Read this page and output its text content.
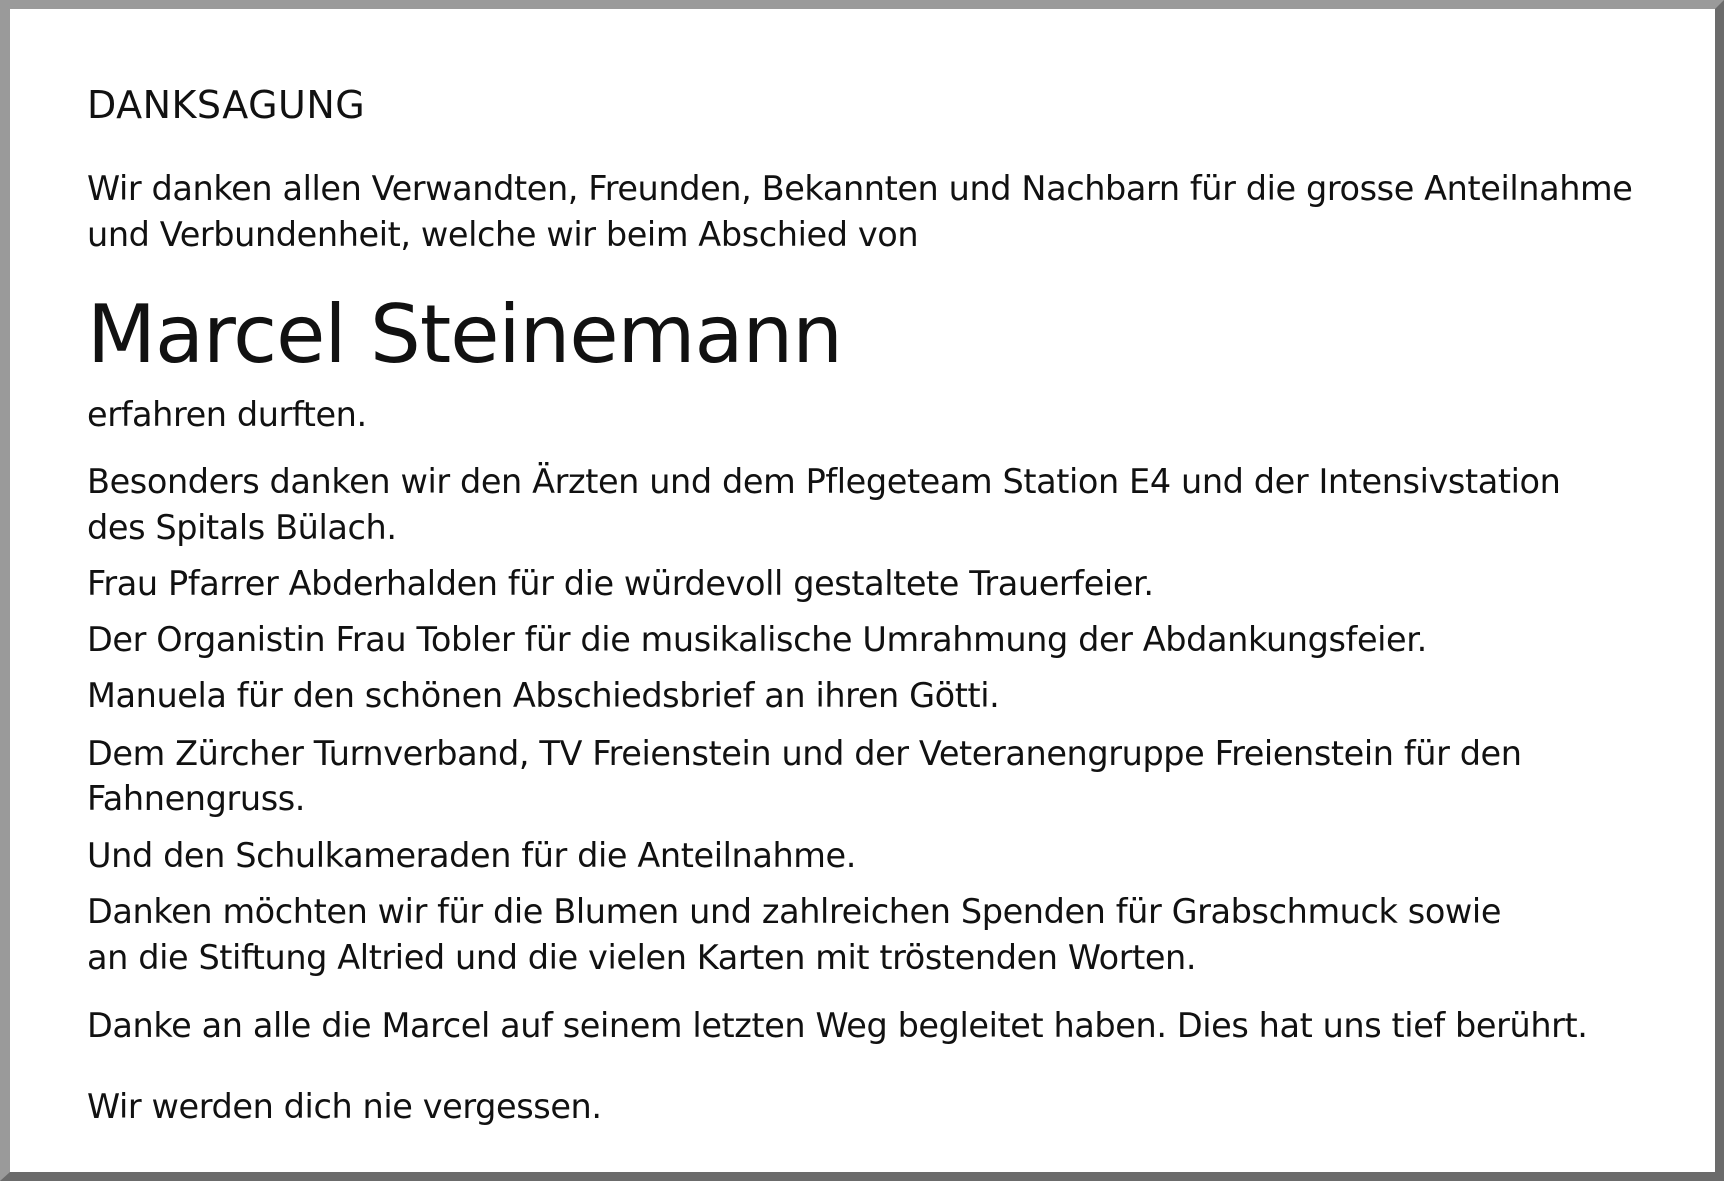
DANKSAGUNG
Wir danken allen Verwandten, Freunden, Bekannten und Nachbarn für die grosse Anteilnahme
und Verbundenheit, welche wir beim Abschied von
Marcel Steinemann
erfahren durften.
Besonders danken wir den Ärzten und dem Pflegeteam Station E4 und der Intensivstation
des Spitals Bülach.
Frau Pfarrer Abderhalden für die würdevoll gestaltete Trauerfeier.
Der Organistin Frau Tobler für die musikalische Umrahmung der Abdankungsfeier.
Manuela für den schönen Abschiedsbrief an ihren Götti.
Dem Zürcher Turnverband, TV Freienstein und der Veteranengruppe Freienstein für den
Fahnengruss.
Und den Schulkameraden für die Anteilnahme.
Danken möchten wir für die Blumen und zahlreichen Spenden für Grabschmuck sowie
an die Stiftung Altried und die vielen Karten mit tröstenden Worten.
Danke an alle die Marcel auf seinem letzten Weg begleitet haben. Dies hat uns tief berührt.
Wir werden dich nie vergessen.
